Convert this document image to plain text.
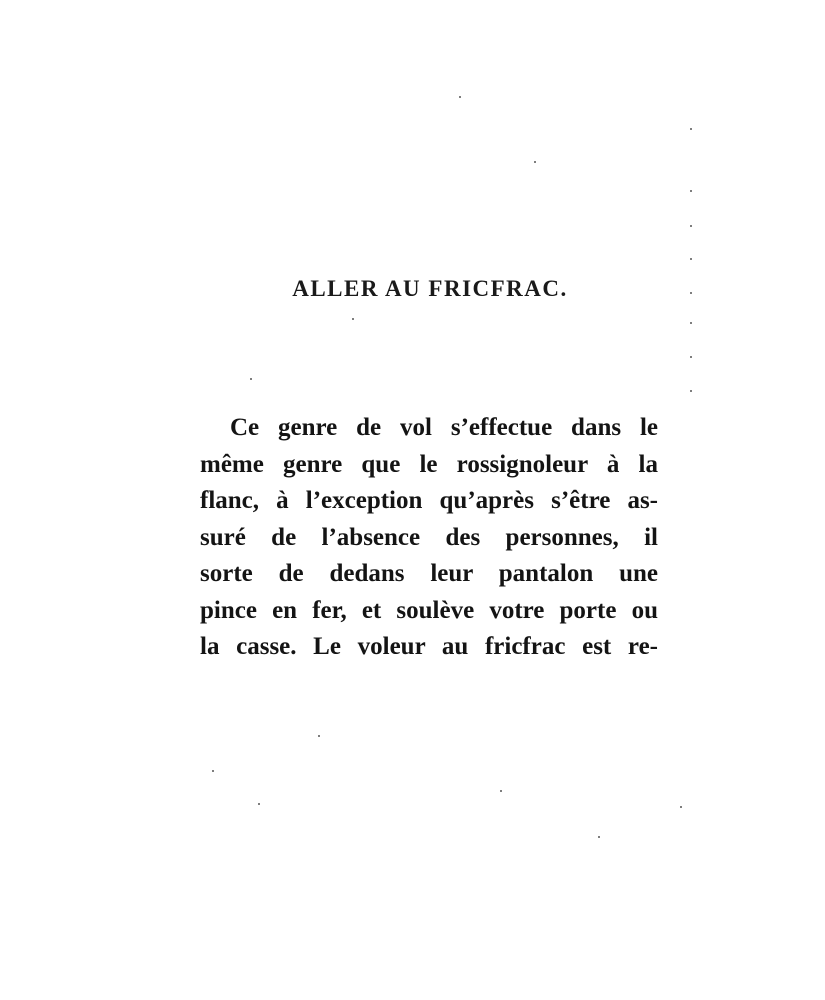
ALLER AU FRICFRAC.

Ce genre de vol s’effectue dans le
même genre que le rossignoleur à la
flanc, à l’exception qu’après s’être as-
suré de l’absence des personnes, il
sorte de dedans leur pantalon une
pince en fer, et soulève votre porte ou
la casse. Le voleur au fricfrac est re-
